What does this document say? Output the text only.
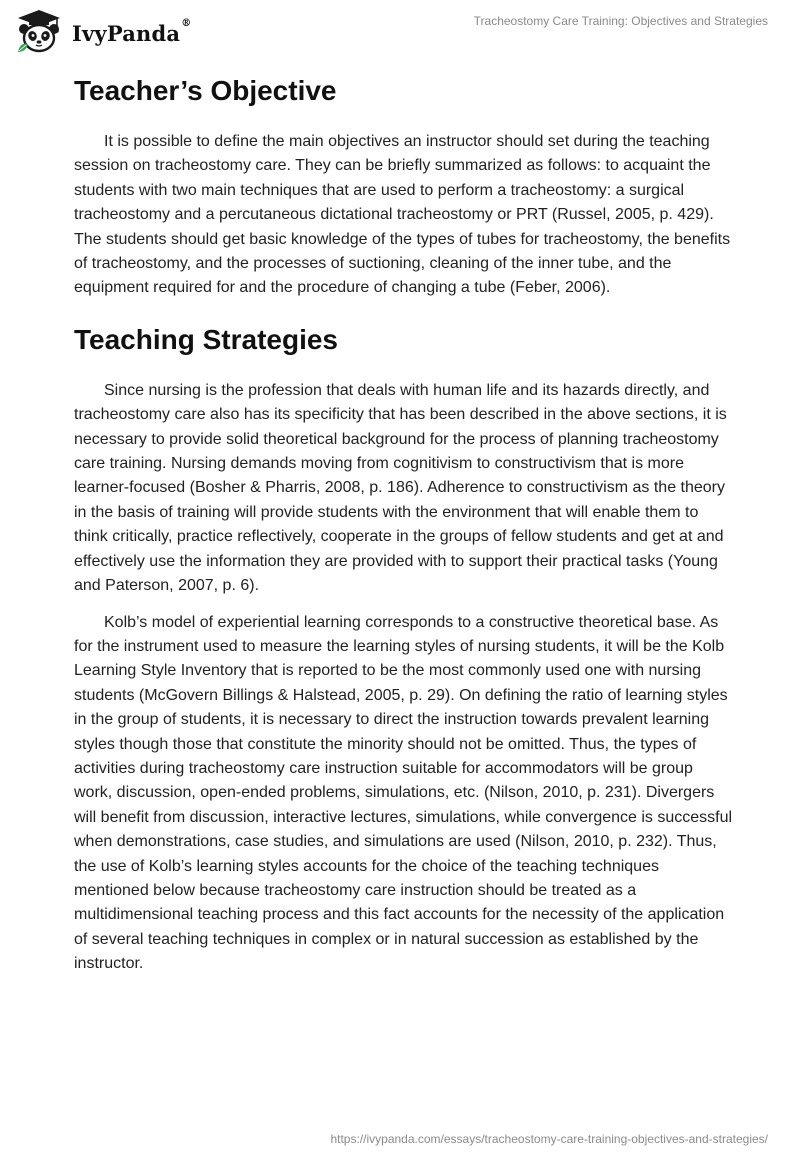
IvyPanda®	Tracheostomy Care Training: Objectives and Strategies
Teacher’s Objective

It is possible to define the main objectives an instructor should set during the teaching session on tracheostomy care. They can be briefly summarized as follows: to acquaint the students with two main techniques that are used to perform a tracheostomy: a surgical tracheostomy and a percutaneous dictational tracheostomy or PRT (Russel, 2005, p. 429). The students should get basic knowledge of the types of tubes for tracheostomy, the benefits of tracheostomy, and the processes of suctioning, cleaning of the inner tube, and the equipment required for and the procedure of changing a tube (Feber, 2006).

Teaching Strategies

Since nursing is the profession that deals with human life and its hazards directly, and tracheostomy care also has its specificity that has been described in the above sections, it is necessary to provide solid theoretical background for the process of planning tracheostomy care training. Nursing demands moving from cognitivism to constructivism that is more learner-focused (Bosher & Pharris, 2008, p. 186). Adherence to constructivism as the theory in the basis of training will provide students with the environment that will enable them to think critically, practice reflectively, cooperate in the groups of fellow students and get at and effectively use the information they are provided with to support their practical tasks (Young and Paterson, 2007, p. 6).

Kolb’s model of experiential learning corresponds to a constructive theoretical base. As for the instrument used to measure the learning styles of nursing students, it will be the Kolb Learning Style Inventory that is reported to be the most commonly used one with nursing students (McGovern Billings & Halstead, 2005, p. 29). On defining the ratio of learning styles in the group of students, it is necessary to direct the instruction towards prevalent learning styles though those that constitute the minority should not be omitted. Thus, the types of activities during tracheostomy care instruction suitable for accommodators will be group work, discussion, open-ended problems, simulations, etc. (Nilson, 2010, p. 231). Divergers will benefit from discussion, interactive lectures, simulations, while convergence is successful when demonstrations, case studies, and simulations are used (Nilson, 2010, p. 232). Thus, the use of Kolb’s learning styles accounts for the choice of the teaching techniques mentioned below because tracheostomy care instruction should be treated as a multidimensional teaching process and this fact accounts for the necessity of the application of several teaching techniques in complex or in natural succession as established by the instructor.

https://ivypanda.com/essays/tracheostomy-care-training-objectives-and-strategies/
